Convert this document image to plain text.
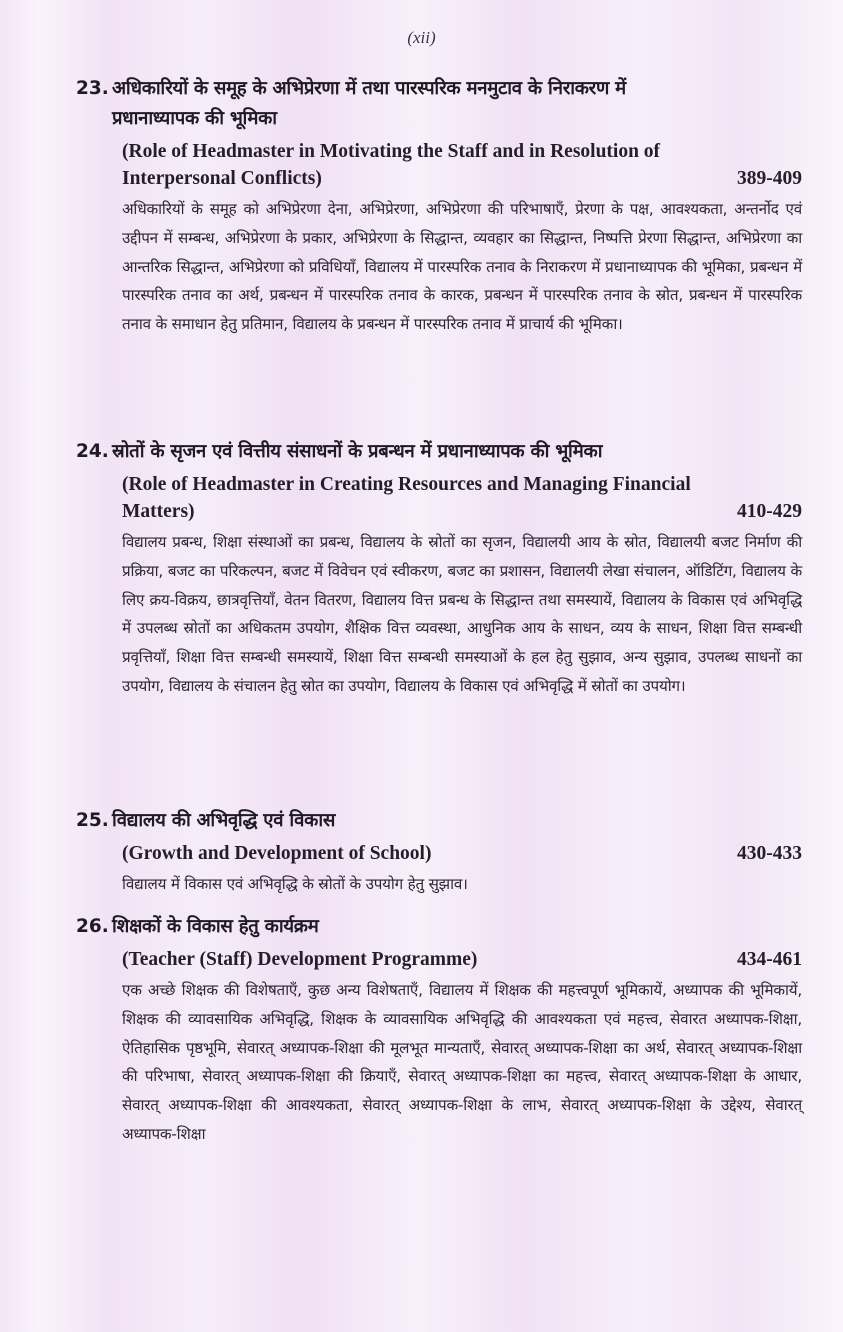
(xii)
23. अधिकारियों के समूह के अभिप्रेरणा में तथा पारस्परिक मनमुटाव के निराकरण में
प्रधानाध्यापक की भूमिका
(Role of Headmaster in Motivating the Staff and in Resolution of
Interpersonal Conflicts)	389-409
अधिकारियों के समूह को अभिप्रेरणा देना, अभिप्रेरणा, अभिप्रेरणा की परिभाषाएँ, प्रेरणा के पक्ष, आवश्यकता, अन्तर्नोद एवं उद्दीपन में सम्बन्ध, अभिप्रेरणा के प्रकार, अभिप्रेरणा के सिद्धान्त, व्यवहार का सिद्धान्त, निष्पत्ति प्रेरणा सिद्धान्त, अभिप्रेरणा का आन्तरिक सिद्धान्त, अभिप्रेरणा को प्रविधियाँ, विद्यालय में पारस्परिक तनाव के निराकरण में प्रधानाध्यापक की भूमिका, प्रबन्धन में पारस्परिक तनाव का अर्थ, प्रबन्धन में पारस्परिक तनाव के कारक, प्रबन्धन में पारस्परिक तनाव के स्रोत, प्रबन्धन में पारस्परिक तनाव के समाधान हेतु प्रतिमान, विद्यालय के प्रबन्धन में पारस्परिक तनाव में प्राचार्य की भूमिका।
24. स्रोतों के सृजन एवं वित्तीय संसाधनों के प्रबन्धन में प्रधानाध्यापक की भूमिका
(Role of Headmaster in Creating Resources and Managing Financial
Matters)	410-429
विद्यालय प्रबन्ध, शिक्षा संस्थाओं का प्रबन्ध, विद्यालय के स्रोतों का सृजन, विद्यालयी आय के स्रोत, विद्यालयी बजट निर्माण की प्रक्रिया, बजट का परिकल्पन, बजट में विवेचन एवं स्वीकरण, बजट का प्रशासन, विद्यालयी लेखा संचालन, ऑडिटिंग, विद्यालय के लिए क्रय-विक्रय, छात्रवृत्तियाँ, वेतन वितरण, विद्यालय वित्त प्रबन्ध के सिद्धान्त तथा समस्यायें, विद्यालय के विकास एवं अभिवृद्धि में उपलब्ध स्रोतों का अधिकतम उपयोग, शैक्षिक वित्त व्यवस्था, आधुनिक आय के साधन, व्यय के साधन, शिक्षा वित्त सम्बन्धी प्रवृत्तियाँ, शिक्षा वित्त सम्बन्धी समस्यायें, शिक्षा वित्त सम्बन्धी समस्याओं के हल हेतु सुझाव, अन्य सुझाव, उपलब्ध साधनों का उपयोग, विद्यालय के संचालन हेतु स्रोत का उपयोग, विद्यालय के विकास एवं अभिवृद्धि में स्रोतों का उपयोग।
25. विद्यालय की अभिवृद्धि एवं विकास
(Growth and Development of School)	430-433
विद्यालय में विकास एवं अभिवृद्धि के स्रोतों के उपयोग हेतु सुझाव।
26. शिक्षकों के विकास हेतु कार्यक्रम
(Teacher (Staff) Development Programme)	434-461
एक अच्छे शिक्षक की विशेषताएँ, कुछ अन्य विशेषताएँ, विद्यालय में शिक्षक की महत्त्वपूर्ण भूमिकायें, अध्यापक की भूमिकायें, शिक्षक की व्यावसायिक अभिवृद्धि, शिक्षक के व्यावसायिक अभिवृद्धि की आवश्यकता एवं महत्त्व, सेवारत अध्यापक-शिक्षा, ऐतिहासिक पृष्ठभूमि, सेवारत् अध्यापक-शिक्षा की मूलभूत मान्यताएँ, सेवारत् अध्यापक-शिक्षा का अर्थ, सेवारत् अध्यापक-शिक्षा की परिभाषा, सेवारत् अध्यापक-शिक्षा की क्रियाएँ, सेवारत् अध्यापक-शिक्षा का महत्त्व, सेवारत् अध्यापक-शिक्षा के आधार, सेवारत् अध्यापक-शिक्षा की आवश्यकता, सेवारत् अध्यापक-शिक्षा के लाभ, सेवारत् अध्यापक-शिक्षा के उद्देश्य, सेवारत् अध्यापक-शिक्षा
